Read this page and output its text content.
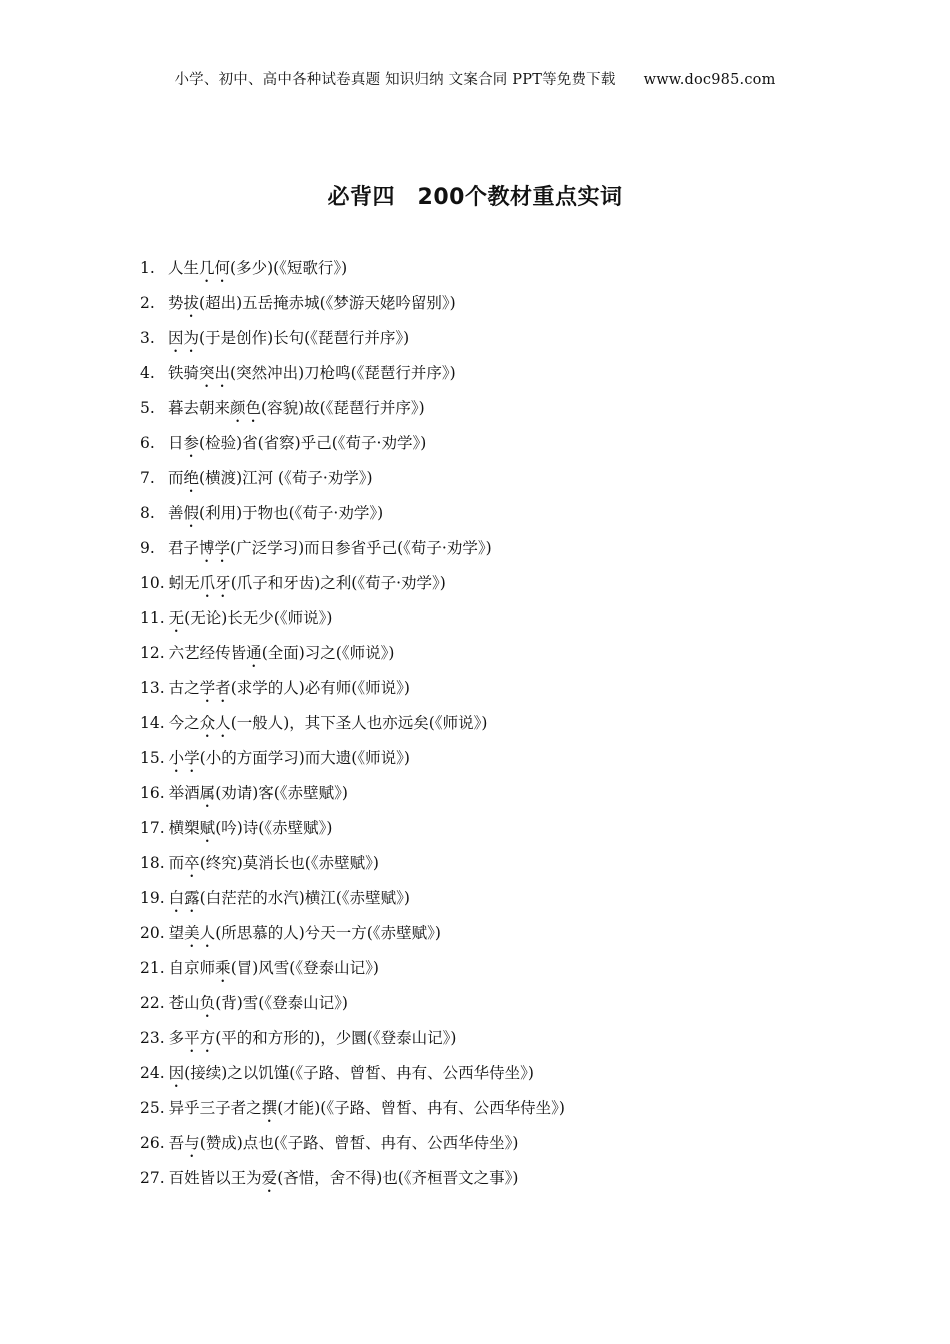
小学、初中、高中各种试卷真题 知识归纳 文案合同 PPT等免费下载 www.doc985.com
必背四　200个教材重点实词
1. 人生几何(多少)(《短歌行》)
2. 势拔(超出)五岳掩赤城(《梦游天姥吟留别》)
3. 因为(于是创作)长句(《琵琶行并序》)
4. 铁骑突出(突然冲出)刀枪鸣(《琵琶行并序》)
5. 暮去朝来颜色(容貌)故(《琵琶行并序》)
6. 日参(检验)省(省察)乎己(《荀子·劝学》)
7. 而绝(横渡)江河 (《荀子·劝学》)
8. 善假(利用)于物也(《荀子·劝学》)
9. 君子博学(广泛学习)而日参省乎己(《荀子·劝学》)
10. 蚓无爪牙(爪子和牙齿)之利(《荀子·劝学》)
11. 无(无论)长无少(《师说》)
12. 六艺经传皆通(全面)习之(《师说》)
13. 古之学者(求学的人)必有师(《师说》)
14. 今之众人(一般人)，其下圣人也亦远矣(《师说》)
15. 小学(小的方面学习)而大遗(《师说》)
16. 举酒属(劝请)客(《赤壁赋》)
17. 横槊赋(吟)诗(《赤壁赋》)
18. 而卒(终究)莫消长也(《赤壁赋》)
19. 白露(白茫茫的水汽)横江(《赤壁赋》)
20. 望美人(所思慕的人)兮天一方(《赤壁赋》)
21. 自京师乘(冒)风雪(《登泰山记》)
22. 苍山负(背)雪(《登泰山记》)
23. 多平方(平的和方形的)，少圜(《登泰山记》)
24. 因(接续)之以饥馑(《子路、曾皙、冉有、公西华侍坐》)
25. 异乎三子者之撰(才能)(《子路、曾皙、冉有、公西华侍坐》)
26. 吾与(赞成)点也(《子路、曾皙、冉有、公西华侍坐》)
27. 百姓皆以王为爱(吝惜，舍不得)也(《齐桓晋文之事》)
